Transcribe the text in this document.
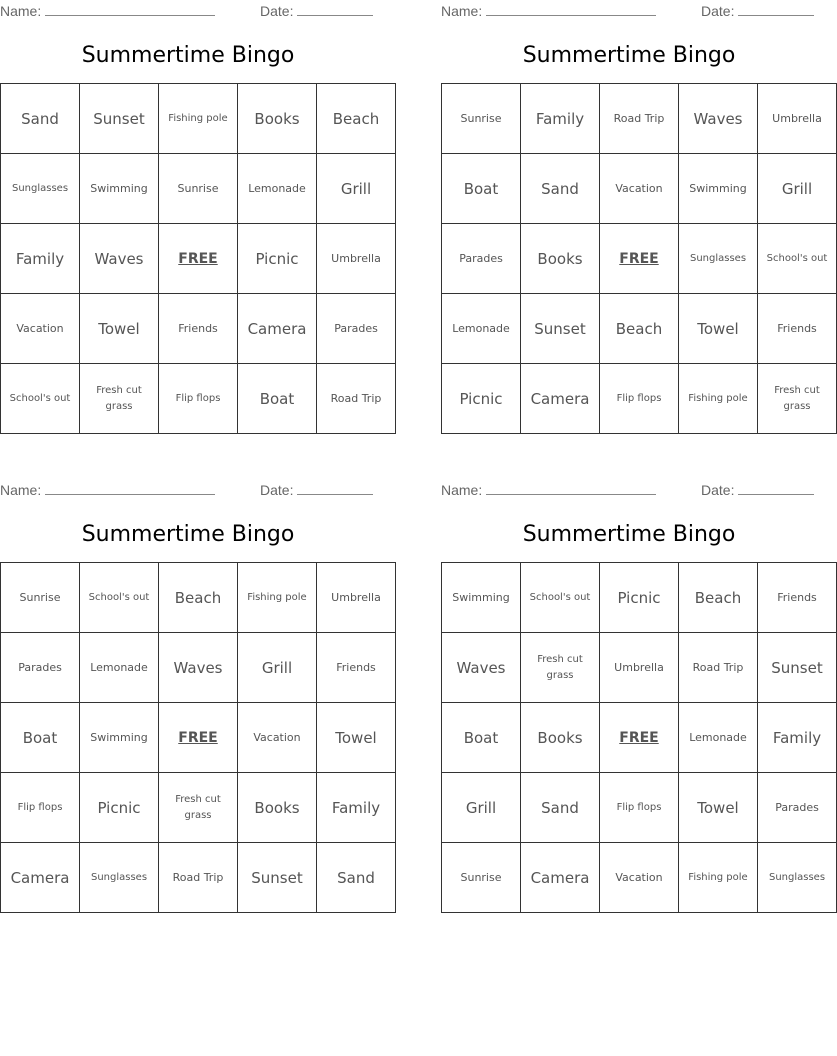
Name:	Date:
Summertime Bingo
Sand	Sunset	Fishing pole	Books	Beach
Sunglasses	Swimming	Sunrise	Lemonade	Grill
Family	Waves	FREE	Picnic	Umbrella
Vacation	Towel	Friends	Camera	Parades
School's out	Fresh cut grass	Flip flops	Boat	Road Trip
Name:	Date:
Summertime Bingo
Sunrise	Family	Road Trip	Waves	Umbrella
Boat	Sand	Vacation	Swimming	Grill
Parades	Books	FREE	Sunglasses	School's out
Lemonade	Sunset	Beach	Towel	Friends
Picnic	Camera	Flip flops	Fishing pole	Fresh cut grass
Name:	Date:
Summertime Bingo
Sunrise	School's out	Beach	Fishing pole	Umbrella
Parades	Lemonade	Waves	Grill	Friends
Boat	Swimming	FREE	Vacation	Towel
Flip flops	Picnic	Fresh cut grass	Books	Family
Camera	Sunglasses	Road Trip	Sunset	Sand
Name:	Date:
Summertime Bingo
Swimming	School's out	Picnic	Beach	Friends
Waves	Fresh cut grass	Umbrella	Road Trip	Sunset
Boat	Books	FREE	Lemonade	Family
Grill	Sand	Flip flops	Towel	Parades
Sunrise	Camera	Vacation	Fishing pole	Sunglasses
